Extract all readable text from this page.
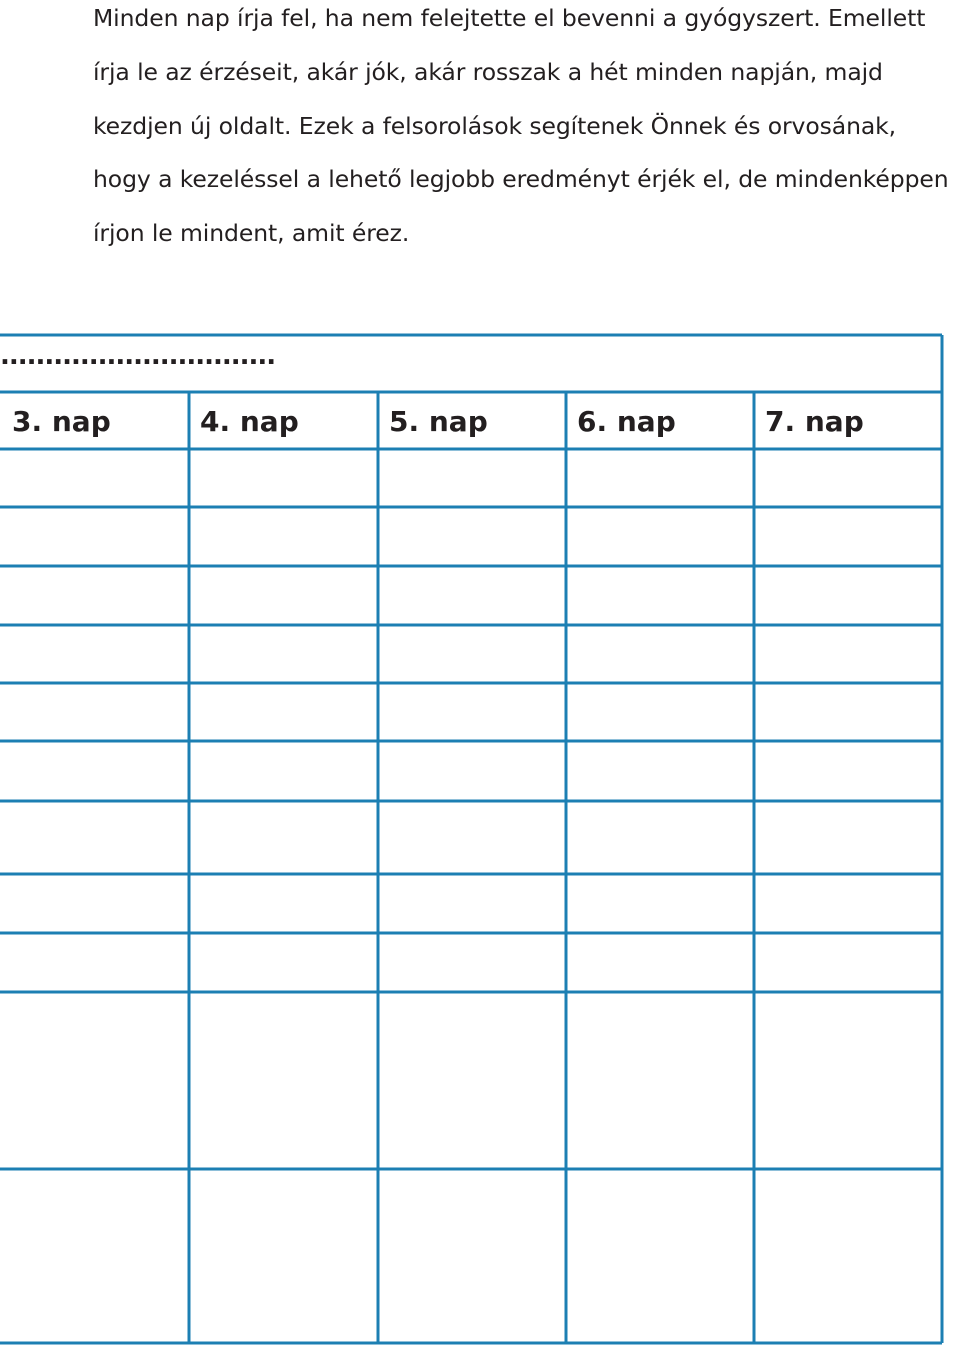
Minden nap írja fel, ha nem felejtette el bevenni a gyógyszert. Emellett
írja le az érzéseit, akár jók, akár rosszak a hét minden napján, majd
kezdjen új oldalt. Ezek a felsorolások segítenek Önnek és orvosának,
hogy a kezeléssel a lehető legjobb eredményt érjék el, de mindenképpen
írjon le mindent, amit érez.

...............................
3. nap	4. nap	5. nap	6. nap	7. nap
